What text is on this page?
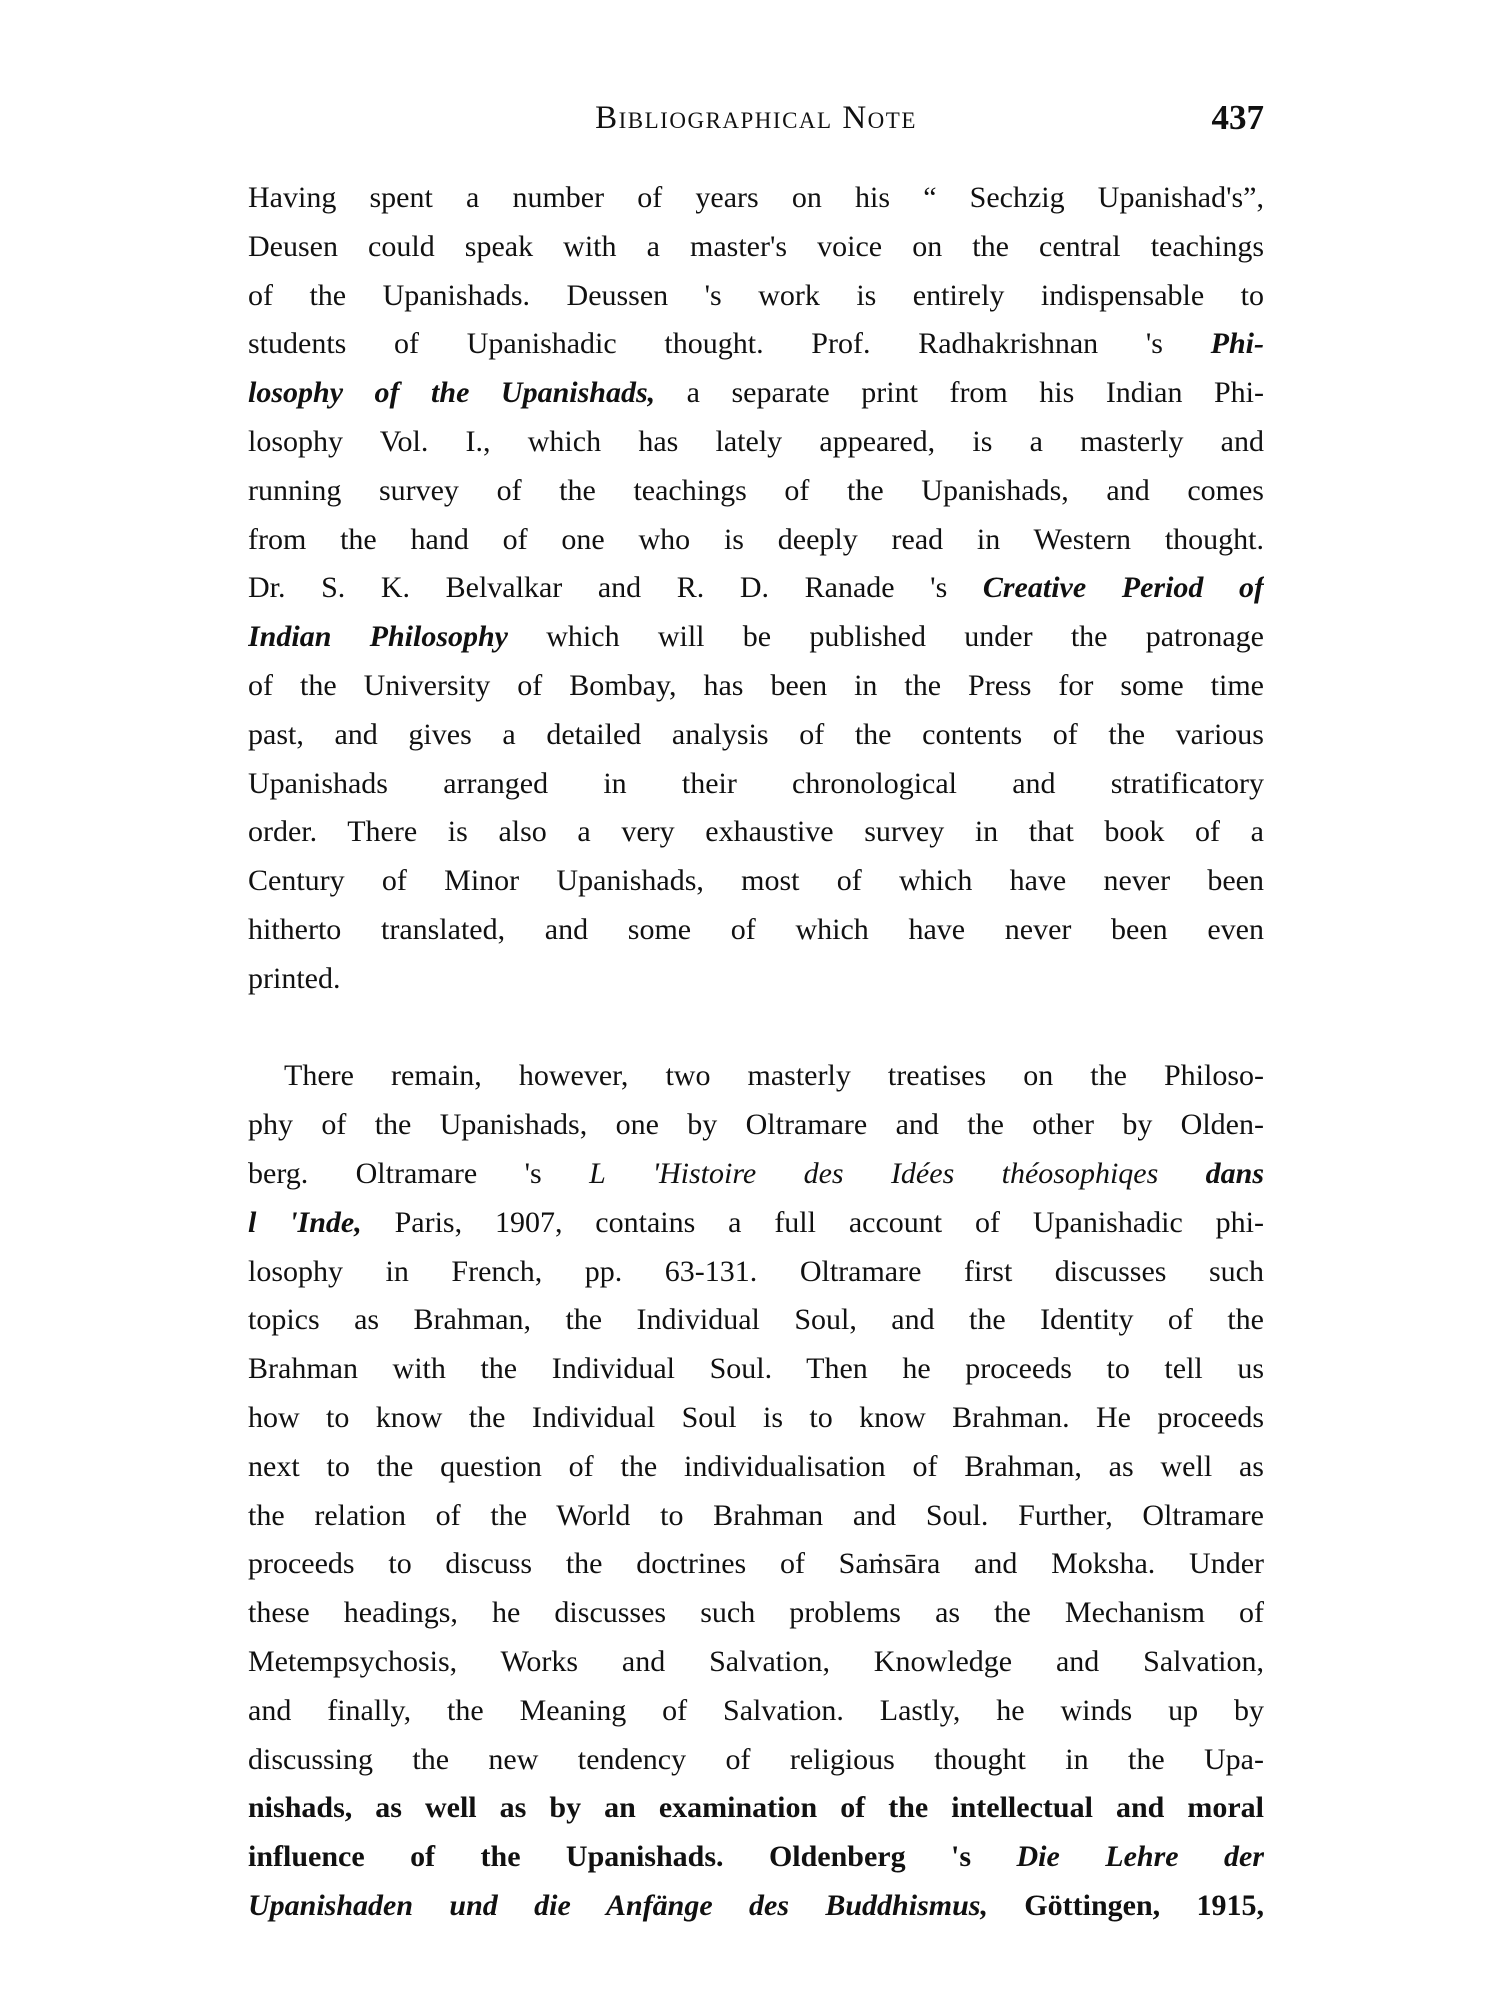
Bibliographical Note	437
Having spent a number of years on his “ Sechzig Upanishad's”,
Deusen could speak with a master's voice on the central teachings
of the Upanishads. Deussen 's work is entirely indispensable to
students of Upanishadic thought. Prof. Radhakrishnan 's Phi-
losophy of the Upanishads, a separate print from his Indian Phi-
losophy Vol. I., which has lately appeared, is a masterly and
running survey of the teachings of the Upanishads, and comes
from the hand of one who is deeply read in Western thought.
Dr. S. K. Belvalkar and R. D. Ranade 's Creative Period of
Indian Philosophy which will be published under the patronage
of the University of Bombay, has been in the Press for some time
past, and gives a detailed analysis of the contents of the various
Upanishads arranged in their chronological and stratificatory
order. There is also a very exhaustive survey in that book of a
Century of Minor Upanishads, most of which have never been
hitherto translated, and some of which have never been even
printed.
There remain, however, two masterly treatises on the Philoso-
phy of the Upanishads, one by Oltramare and the other by Olden-
berg. Oltramare 's L 'Histoire des Idées théosophiqes dans
l 'Inde, Paris, 1907, contains a full account of Upanishadic phi-
losophy in French, pp. 63-131. Oltramare first discusses such
topics as Brahman, the Individual Soul, and the Identity of the
Brahman with the Individual Soul. Then he proceeds to tell us
how to know the Individual Soul is to know Brahman. He proceeds
next to the question of the individualisation of Brahman, as well as
the relation of the World to Brahman and Soul. Further, Oltramare
proceeds to discuss the doctrines of Saṁsāra and Moksha. Under
these headings, he discusses such problems as the Mechanism of
Metempsychosis, Works and Salvation, Knowledge and Salvation,
and finally, the Meaning of Salvation. Lastly, he winds up by
discussing the new tendency of religious thought in the Upa-
nishads, as well as by an examination of the intellectual and moral
influence of the Upanishads. Oldenberg 's Die Lehre der
Upanishaden und die Anfänge des Buddhismus, Göttingen, 1915,
